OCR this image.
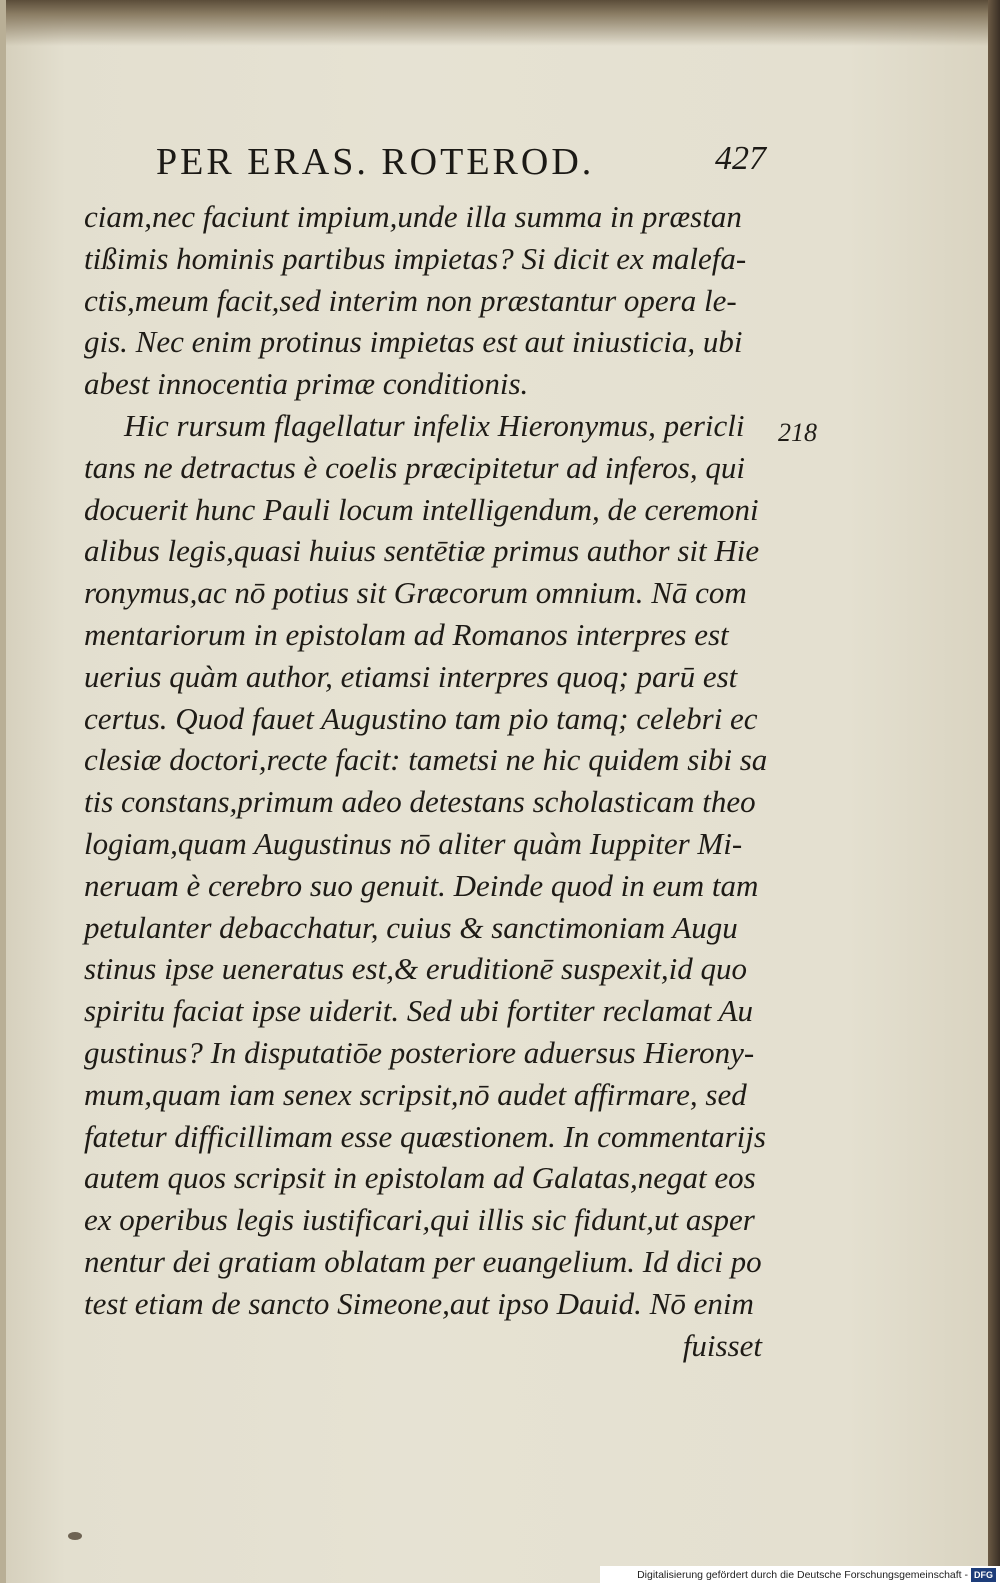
PER ERAS. ROTEROD.	427
ciam,nec faciunt impium,unde illa summa in præstan
tißimis hominis partibus impietas? Si dicit ex malefa-
ctis,meum facit,sed interim non præstantur opera le-
gis. Nec enim protinus impietas est aut iniusticia, ubi
abest innocentia primæ conditionis.
Hic rursum flagellatur infelix Hieronymus, pericli
tans ne detractus è coelis præcipitetur ad inferos, qui
docuerit hunc Pauli locum intelligendum, de ceremoni
alibus legis,quasi huius sentētiæ primus author sit Hie
ronymus,ac nō potius sit Græcorum omnium. Nā com
mentariorum in epistolam ad Romanos interpres est
uerius quàm author, etiamsi interpres quoq; parū est
certus. Quod fauet Augustino tam pio tamq; celebri ec
clesiæ doctori,recte facit: tametsi ne hic quidem sibi sa
tis constans,primum adeo detestans scholasticam theo
logiam,quam Augustinus nō aliter quàm Iuppiter Mi-
neruam è cerebro suo genuit. Deinde quod in eum tam
petulanter debacchatur, cuius & sanctimoniam Augu
stinus ipse ueneratus est,& eruditionē suspexit,id quo
spiritu faciat ipse uiderit. Sed ubi fortiter reclamat Au
gustinus? In disputatiōe posteriore aduersus Hierony-
mum,quam iam senex scripsit,nō audet affirmare, sed
fatetur difficillimam esse quæstionem. In commentarijs
autem quos scripsit in epistolam ad Galatas,negat eos
ex operibus legis iustificari,qui illis sic fidunt,ut asper
nentur dei gratiam oblatam per euangelium. Id dici po
test etiam de sancto Simeone,aut ipso Dauid. Nō enim
fuisset
218
Digitalisierung gefördert durch die Deutsche Forschungsgemeinschaft - DFG
